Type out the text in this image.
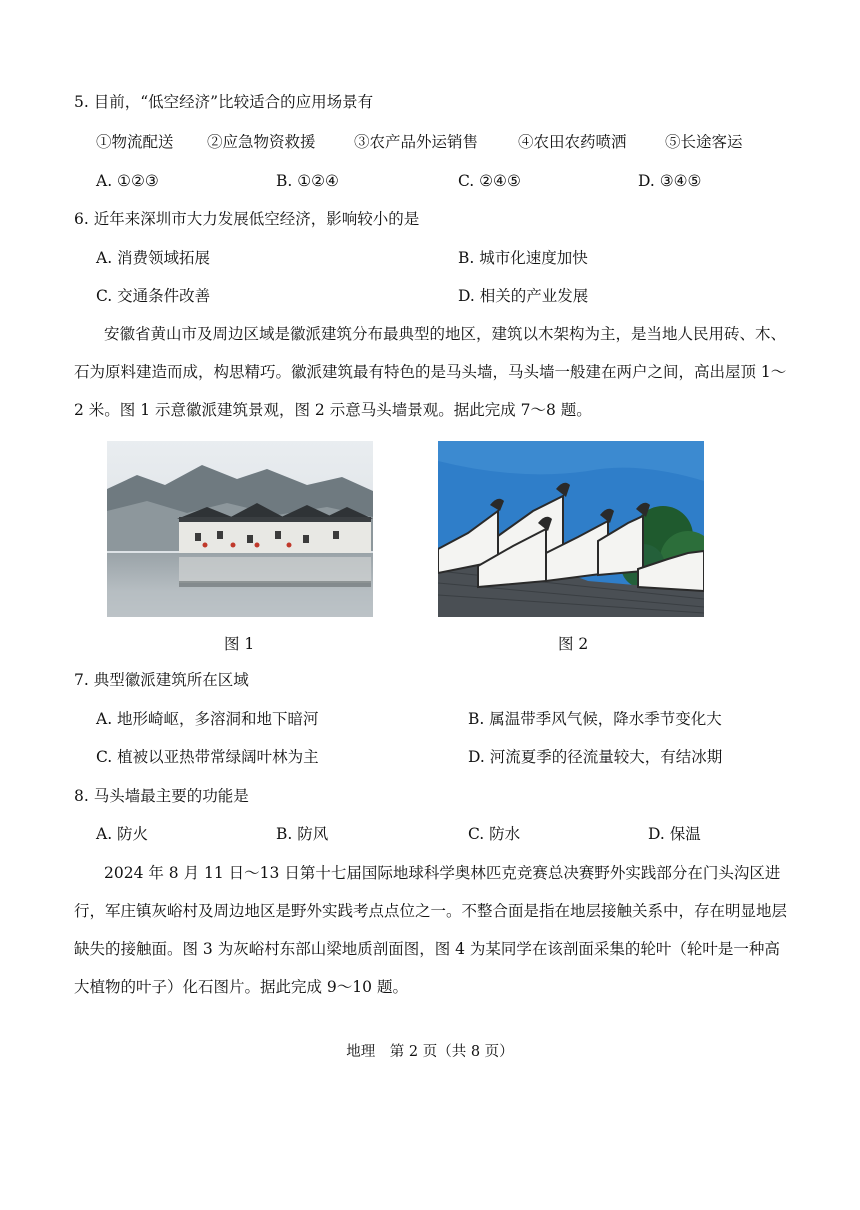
5. 目前，“低空经济”比较适合的应用场景有
①物流配送 ②应急物资救援 ③农产品外运销售	④农田农药喷洒 ⑤长途客运
A. ①②③	B. ①②④	C. ②④⑤	D. ③④⑤
6. 近年来深圳市大力发展低空经济，影响较小的是
A. 消费领域拓展	B. 城市化速度加快
C. 交通条件改善	D. 相关的产业发展
安徽省黄山市及周边区域是徽派建筑分布最典型的地区，建筑以木架构为主，是当地人民用砖、木、石为原料建造而成，构思精巧。徽派建筑最有特色的是马头墙，马头墙一般建在两户之间，高出屋顶 1～2 米。图 1 示意徽派建筑景观，图 2 示意马头墙景观。据此完成 7～8 题。
图 1	图 2
7. 典型徽派建筑所在区域
A. 地形崎岖，多溶洞和地下暗河	B. 属温带季风气候，降水季节变化大
C. 植被以亚热带常绿阔叶林为主	D. 河流夏季的径流量较大，有结冰期
8. 马头墙最主要的功能是
A. 防火	B. 防风	C. 防水	D. 保温
2024 年 8 月 11 日～13 日第十七届国际地球科学奥林匹克竞赛总决赛野外实践部分在门头沟区进行，军庄镇灰峪村及周边地区是野外实践考点点位之一。不整合面是指在地层接触关系中，存在明显地层缺失的接触面。图 3 为灰峪村东部山梁地质剖面图，图 4 为某同学在该剖面采集的轮叶（轮叶是一种高大植物的叶子）化石图片。据此完成 9～10 题。
地理　第 2 页（共 8 页）
